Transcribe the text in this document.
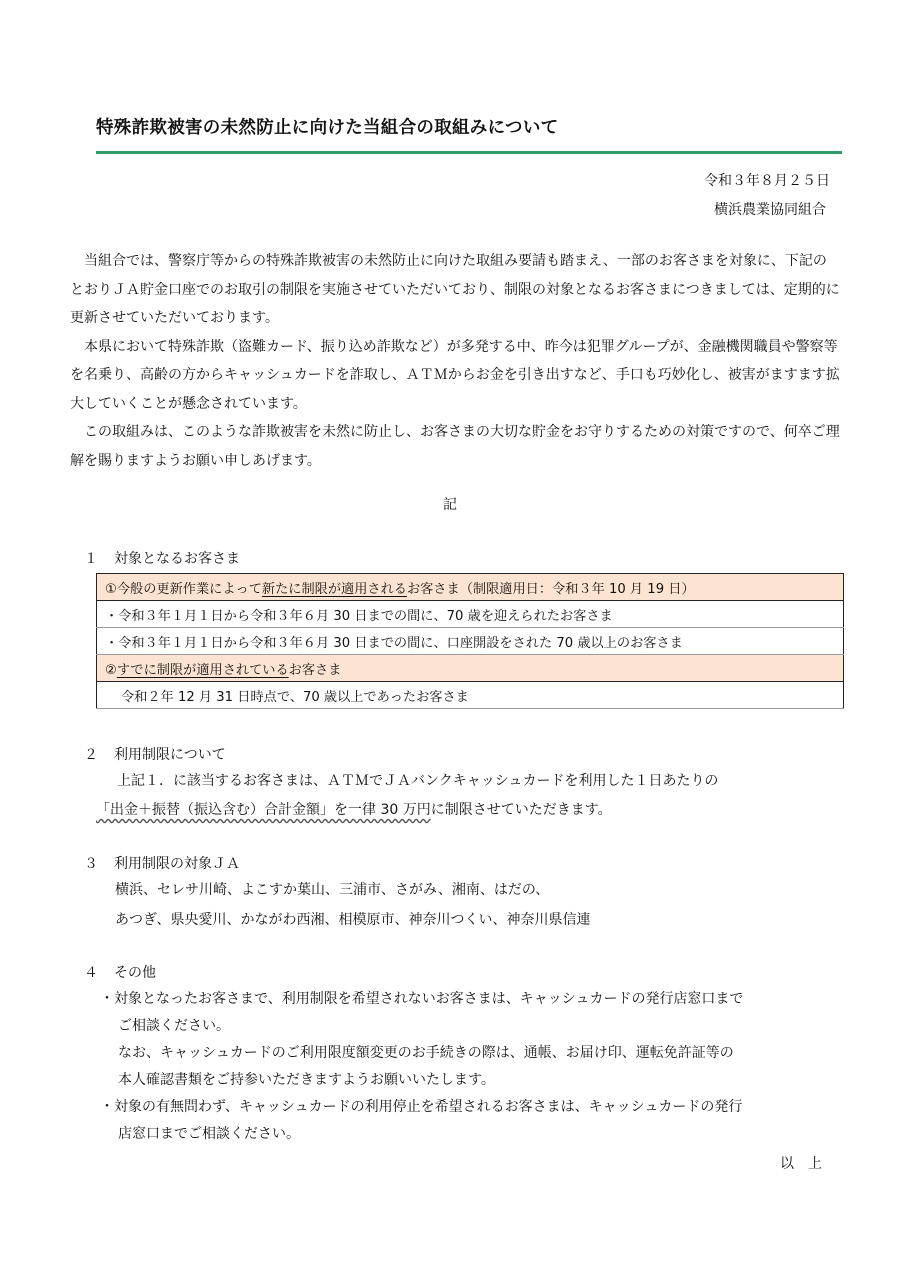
特殊詐欺被害の未然防止に向けた当組合の取組みについて
令和３年８月２５日
横浜農業協同組合

当組合では、警察庁等からの特殊詐欺被害の未然防止に向けた取組み要請も踏まえ、一部のお客さまを対象に、下記のとおりＪＡ貯金口座でのお取引の制限を実施させていただいており、制限の対象となるお客さまにつきましては、定期的に更新させていただいております。

本県において特殊詐欺（盗難カード、振り込め詐欺など）が多発する中、昨今は犯罪グループが、金融機関職員や警察等を名乗り、高齢の方からキャッシュカードを詐取し、ＡＴＭからお金を引き出すなど、手口も巧妙化し、被害がますます拡大していくことが懸念されています。

この取組みは、このような詐欺被害を未然に防止し、お客さまの大切な貯金をお守りするための対策ですので、何卒ご理解を賜りますようお願い申しあげます。

記
１ 対象となるお客さま
①今般の更新作業によって新たに制限が適用されるお客さま（制限適用日：令和３年 10 月 19 日）
・令和３年１月１日から令和３年６月 30 日までの間に、70 歳を迎えられたお客さま
・令和３年１月１日から令和３年６月 30 日までの間に、口座開設をされた 70 歳以上のお客さま
②すでに制限が適用されているお客さま
令和２年 12 月 31 日時点で、70 歳以上であったお客さま
２ 利用制限について

上記１．に該当するお客さまは、ＡＴＭでＪＡバンクキャッシュカードを利用した１日あたりの

「出金＋振替（振込含む）合計金額」を一律 30 万円に制限させていただきます。

３ 利用制限の対象ＪＡ

横浜、セレサ川崎、よこすか葉山、三浦市、さがみ、湘南、はだの、

あつぎ、県央愛川、かながわ西湘、相模原市、神奈川つくい、神奈川県信連

４ その他

・対象となったお客さまで、利用制限を希望されないお客さまは、キャッシュカードの発行店窓口まで

ご相談ください。

なお、キャッシュカードのご利用限度額変更のお手続きの際は、通帳、お届け印、運転免許証等の

本人確認書類をご持参いただきますようお願いいたします。

・対象の有無問わず、キャッシュカードの利用停止を希望されるお客さまは、キャッシュカードの発行

店窓口までご相談ください。

以上
